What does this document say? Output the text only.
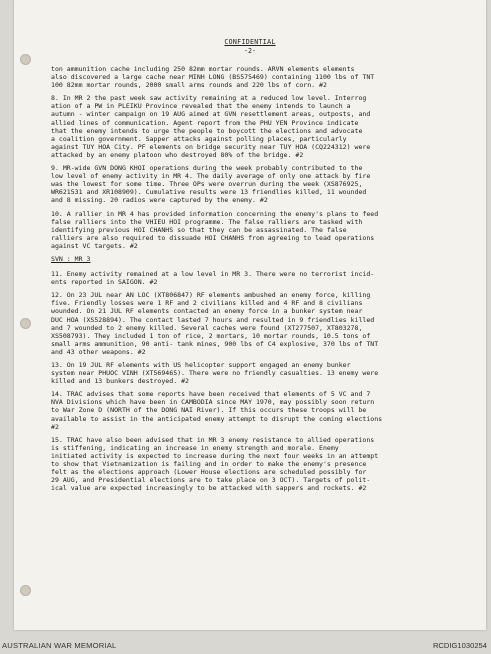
CONFIDENTIAL
-2-
ton ammunition cache including 250 82mm mortar rounds. ARVN elements elements
also discovered a large cache near MINH LONG (BS575469) containing 1100 lbs of TNT
100 82mm mortar rounds, 2000 small arms rounds and 220 lbs of corn. #2
8. In MR 2 the past week saw activity remaining at a reduced low level. Interrog
ation of a PW in PLEIKU Province revealed that the enemy intends to launch a
autumn - winter campaign on 19 AUG aimed at GVN resettlement areas, outposts, and
allied lines of communication. Agent report from the PHU YEN Province indicate
that the enemy intends to urge the people to boycott the elections and advocate
a coalition government. Sapper attacks against polling places, particularly
against TUY HOA City. PF elements on bridge security near TUY HOA (CQ224312) were
attacked by an enemy platoon who destroyed 80% of the bridge. #2
9. MR-wide GVN DONG KHOI operations during the week probably contributed to the
low level of enemy activity in MR 4. The daily average of only one attack by fire
was the lowest for some time. Three OPs were overrun during the week (XS876925,
WR621531 and XR108909). Cumulative results were 13 friendlies killed, 11 wounded
and 8 missing. 20 radios were captured by the enemy. #2
10. A rallier in MR 4 has provided information concerning the enemy's plans to feed
false ralliers into the VHIEU HOI programme. The false ralliers are tasked with
identifying previous HOI CHANHS so that they can be assassinated. The false
ralliers are also required to dissuade HOI CHANHS from agreeing to lead operations
against VC targets. #2
SVN : MR 3
11. Enemy activity remained at a low level in MR 3. There were no terrorist incid-
ents reported in SAIGON. #2
12. On 23 JUL near AN LOC (XT806847) RF elements ambushed an enemy force, killing
five. Friendly losses were 1 RF and 2 civilians killed and 4 RF and 8 civilians
wounded. On 21 JUL RF elements contacted an enemy force in a bunker system near
DUC HOA (XS528894). The contact lasted 7 hours and resulted in 9 friendlies killed
and 7 wounded to 2 enemy killed. Several caches were found (XT277507, XT803278,
XS508793). They included 1 ton of rice, 2 mortars, 10 mortar rounds, 10.5 tons of
small arms ammunition, 90 anti- tank mines, 900 lbs of C4 explosive, 370 lbs of TNT
and 43 other weapons. #2
13. On 19 JUL RF elements with US helicopter support engaged an enemy bunker
system near PHUOC VINH (XT569465). There were no friendly casualties. 13 enemy were
killed and 13 bunkers destroyed. #2
14. TRAC advises that some reports have been received that elements of 5 VC and 7
NVA Divisions which have been in CAMBODIA since MAY 1970, may possibly soon return
to War Zone D (NORTH of the DONG NAI River). If this occurs these troops will be
available to assist in the anticipated enemy attempt to disrupt the coming elections
#2
15. TRAC have also been advised that in MR 3 enemy resistance to allied operations
is stiffening, indicating an increase in enemy strength and morale. Enemy
initiated activity is expected to increase during the next four weeks in an attempt
to show that Vietnamization is failing and in order to make the enemy's presence
felt as the elections approach (Lower House elections are scheduled possibly for
29 AUG, and Presidential elections are to take place on 3 OCT). Targets of polit-
ical value are expected increasingly to be attacked with sappers and rockets. #2
AUSTRALIAN WAR MEMORIAL	RCDIG1030254
